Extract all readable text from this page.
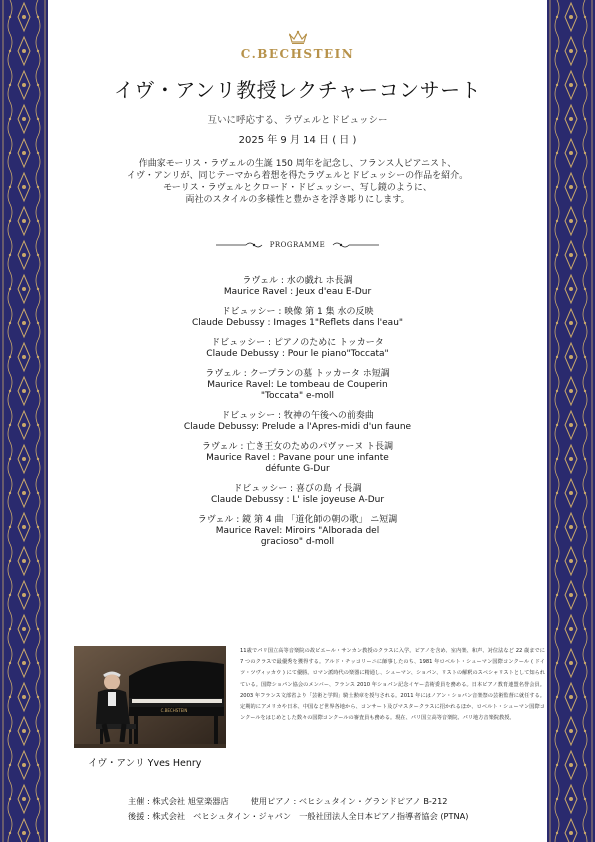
C.BECHSTEIN
イヴ・アンリ教授レクチャーコンサート
互いに呼応する、ラヴェルとドビュッシー
2025 年 9 月 14 日 ( 日 )
作曲家モーリス・ラヴェルの生誕 150 周年を記念し、フランス人ピアニスト、
イヴ・アンリが、同じテーマから着想を得たラヴェルとドビュッシーの作品を紹介。
モーリス・ラヴェルとクロード・ドビュッシー、写し鏡のように、
両社のスタイルの多様性と豊かさを浮き彫りにします。
PROGRAMME
ラヴェル : 水の戯れ ホ長調
Maurice Ravel : Jeux d'eau E-Dur
ドビュッシー : 映像 第 1 集 水の反映
Claude Debussy : Images 1"Reflets dans l'eau"
ドビュッシー : ピアノのために トッカータ
Claude Debussy : Pour le piano"Toccata"
ラヴェル : クープランの墓 トッカータ ホ短調
Maurice Ravel: Le tombeau de Couperin
"Toccata" e-moll
ドビュッシー : 牧神の午後への前奏曲
Claude Debussy: Prelude a l'Apres-midi d'un faune
ラヴェル : 亡き王女のためのパヴァーヌ ト長調
Maurice Ravel : Pavane pour une infante
défunte G-Dur
ドビュッシー : 喜びの島 イ長調
Claude Debussy : L' isle joyeuse A-Dur
ラヴェル : 鏡 第 4 曲 「道化師の朝の歌」 ニ短調
Maurice Ravel: Miroirs "Alborada del
gracioso" d-moll
C.BECHSTEIN
イヴ・アンリ Yves Henry
11歳でパリ国立高等音楽院の故ピエール・サンカン教授のクラスに入学。ピアノを含め、室内楽、和声、対位法など 22 歳までに 7 つのクラスで最優秀を獲得する。アルド・チッコリーニに師事したのち、1981 年ロベルト・シューマン国際コンクール ( ドイツ・ツヴィッカウ ) にて優勝。ロマン派時代の楽器に精通し、シューマン、ショパン、リストの解釈のスペシャリストとして知られている。国際ショパン協会のメンバー、フランス 2010 年ショパン記念イヤー芸術委員を務める。日本ピアノ教育連盟名誉会員。2003 年フランス文部省より「芸術と学問」騎士勲章を授与される。2011 年にはノアン・ショパン音楽祭の芸術監督に就任する。定期的にアメリカや日本、中国など世界各地から、コンサート及びマスタークラスに招かれるほか、ロベルト・シューマン国際コンクールをはじめとした数々の国際コンクールの審査員も務める。現在、パリ国立高等音楽院、パリ地方音楽院教授。
主催 : 株式会社 旭堂楽器店	使用ピアノ : ベヒシュタイン・グランドピアノ B-212
後援 : 株式会社　ベヒシュタイン・ジャパン　一般社団法人全日本ピアノ指導者協会 (PTNA)
